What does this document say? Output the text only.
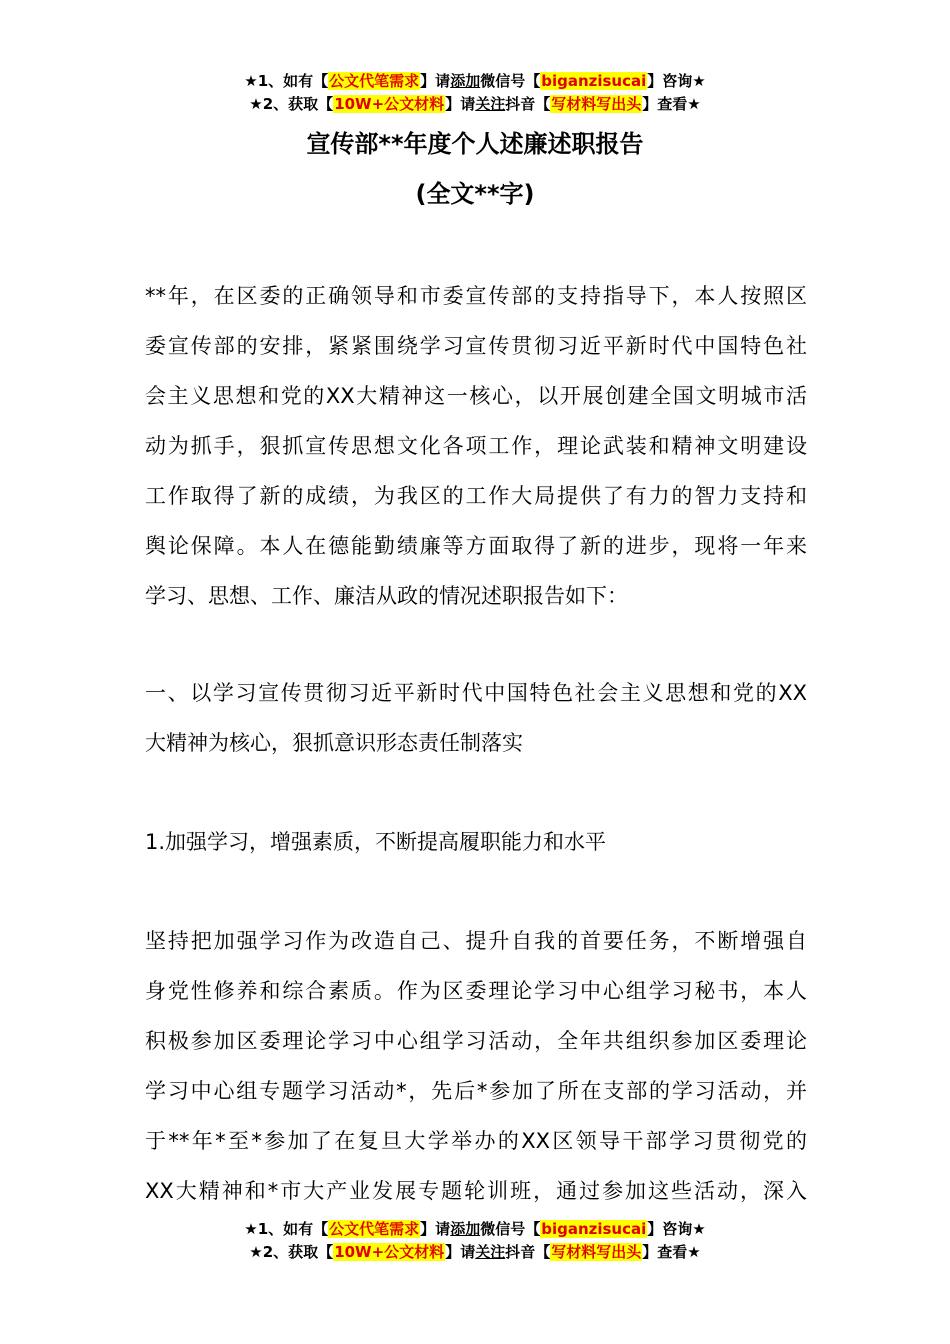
★1、如有【公文代笔需求】请添加微信号【biganzisucai】咨询★
★2、获取【10W+公文材料】请关注抖音【写材料写出头】查看★
宣传部**年度个人述廉述职报告
(全文**字)
**年，在区委的正确领导和市委宣传部的支持指导下，本人按照区
委宣传部的安排，紧紧围绕学习宣传贯彻习近平新时代中国特色社
会主义思想和党的XX大精神这一核心，以开展创建全国文明城市活
动为抓手，狠抓宣传思想文化各项工作，理论武装和精神文明建设
工作取得了新的成绩，为我区的工作大局提供了有力的智力支持和
舆论保障。本人在德能勤绩廉等方面取得了新的进步，现将一年来
学习、思想、工作、廉洁从政的情况述职报告如下：
一、以学习宣传贯彻习近平新时代中国特色社会主义思想和党的XX
大精神为核心，狠抓意识形态责任制落实
1.加强学习，增强素质，不断提高履职能力和水平
坚持把加强学习作为改造自己、提升自我的首要任务，不断增强自
身党性修养和综合素质。作为区委理论学习中心组学习秘书，本人
积极参加区委理论学习中心组学习活动，全年共组织参加区委理论
学习中心组专题学习活动*，先后*参加了所在支部的学习活动，并
于**年*至*参加了在复旦大学举办的XX区领导干部学习贯彻党的
XX大精神和*市大产业发展专题轮训班，通过参加这些活动，深入
★1、如有【公文代笔需求】请添加微信号【biganzisucai】咨询★
★2、获取【10W+公文材料】请关注抖音【写材料写出头】查看★
